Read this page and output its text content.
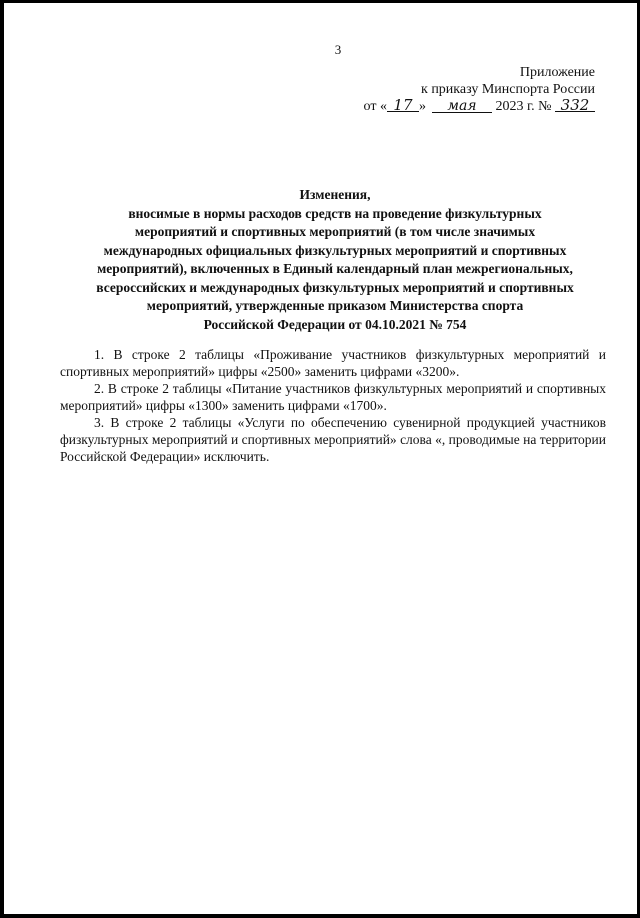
3
Приложение
к приказу Минспорта России
от « 17 » мая 2023 г. № 332
Изменения,
вносимые в нормы расходов средств на проведение физкультурных
мероприятий и спортивных мероприятий (в том числе значимых
международных официальных физкультурных мероприятий и спортивных
мероприятий), включенных в Единый календарный план межрегиональных,
всероссийских и международных физкультурных мероприятий и спортивных
мероприятий, утвержденные приказом Министерства спорта
Российской Федерации от 04.10.2021 № 754

1. В строке 2 таблицы «Проживание участников физкультурных мероприятий и спортивных мероприятий» цифры «2500» заменить цифрами «3200».

2. В строке 2 таблицы «Питание участников физкультурных мероприятий и спортивных мероприятий» цифры «1300» заменить цифрами «1700».

3. В строке 2 таблицы «Услуги по обеспечению сувенирной продукцией участников физкультурных мероприятий и спортивных мероприятий» слова «, проводимые на территории Российской Федерации» исключить.
